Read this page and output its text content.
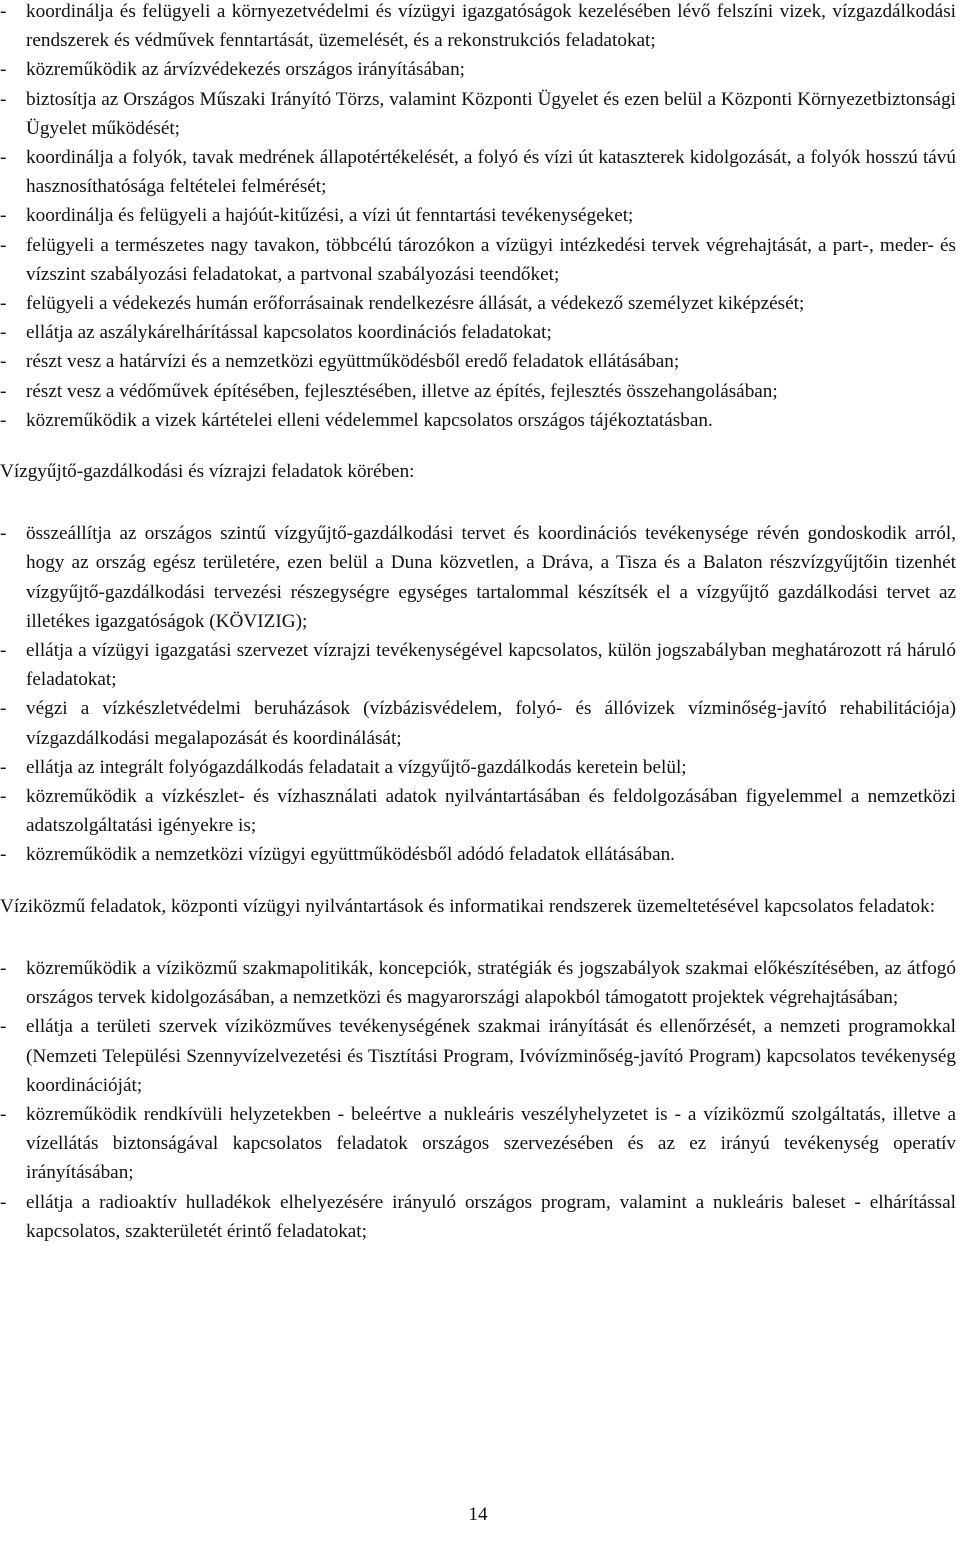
- koordinálja és felügyeli a környezetvédelmi és vízügyi igazgatóságok kezelésében lévő felszíni vizek, vízgazdálkodási rendszerek és védművek fenntartását, üzemelését, és a rekonstrukciós feladatokat;
- közreműködik az árvízvédekezés országos irányításában;
- biztosítja az Országos Műszaki Irányító Törzs, valamint Központi Ügyelet és ezen belül a Központi Környezetbiztonsági Ügyelet működését;
- koordinálja a folyók, tavak medrének állapotértékelését, a folyó és vízi út kataszterek kidolgozását, a folyók hosszú távú hasznosíthatósága feltételei felmérését;
- koordinálja és felügyeli a hajóút-kitűzési, a vízi út fenntartási tevékenységeket;
- felügyeli a természetes nagy tavakon, többcélú tározókon a vízügyi intézkedési tervek végrehajtását, a part-, meder- és vízszint szabályozási feladatokat, a partvonal szabályozási teendőket;
- felügyeli a védekezés humán erőforrásainak rendelkezésre állását, a védekező személyzet kiképzését;
- ellátja az aszálykárelhárítással kapcsolatos koordinációs feladatokat;
- részt vesz a határvízi és a nemzetközi együttműködésből eredő feladatok ellátásában;
- részt vesz a védőművek építésében, fejlesztésében, illetve az építés, fejlesztés összehangolásában;
- közreműködik a vizek kártételei elleni védelemmel kapcsolatos országos tájékoztatásban.

Vízgyűjtő-gazdálkodási és vízrajzi feladatok körében:

- összeállítja az országos szintű vízgyűjtő-gazdálkodási tervet és koordinációs tevékenysége révén gondoskodik arról, hogy az ország egész területére, ezen belül a Duna közvetlen, a Dráva, a Tisza és a Balaton részvízgyűjtőin tizenhét vízgyűjtő-gazdálkodási tervezési részegységre egységes tartalommal készítsék el a vízgyűjtő gazdálkodási tervet az illetékes igazgatóságok (KÖVIZIG);
- ellátja a vízügyi igazgatási szervezet vízrajzi tevékenységével kapcsolatos, külön jogszabályban meghatározott rá háruló feladatokat;
- végzi a vízkészletvédelmi beruházások (vízbázisvédelem, folyó- és állóvizek vízminőség-javító rehabilitációja) vízgazdálkodási megalapozását és koordinálását;
- ellátja az integrált folyógazdálkodás feladatait a vízgyűjtő-gazdálkodás keretein belül;
- közreműködik a vízkészlet- és vízhasználati adatok nyilvántartásában és feldolgozásában figyelemmel a nemzetközi adatszolgáltatási igényekre is;
- közreműködik a nemzetközi vízügyi együttműködésből adódó feladatok ellátásában.

Víziközmű feladatok, központi vízügyi nyilvántartások és informatikai rendszerek üzemeltetésével kapcsolatos feladatok:

- közreműködik a víziközmű szakmapolitikák, koncepciók, stratégiák és jogszabályok szakmai előkészítésében, az átfogó országos tervek kidolgozásában, a nemzetközi és magyarországi alapokból támogatott projektek végrehajtásában;
- ellátja a területi szervek víziközműves tevékenységének szakmai irányítását és ellenőrzését, a nemzeti programokkal (Nemzeti Települési Szennyvízelvezetési és Tisztítási Program, Ivóvízminőség-javító Program) kapcsolatos tevékenység koordinációját;
- közreműködik rendkívüli helyzetekben - beleértve a nukleáris veszélyhelyzetet is - a víziközmű szolgáltatás, illetve a vízellátás biztonságával kapcsolatos feladatok országos szervezésében és az ez irányú tevékenység operatív irányításában;
- ellátja a radioaktív hulladékok elhelyezésére irányuló országos program, valamint a nukleáris baleset - elhárítással kapcsolatos, szakterületét érintő feladatokat;
14
